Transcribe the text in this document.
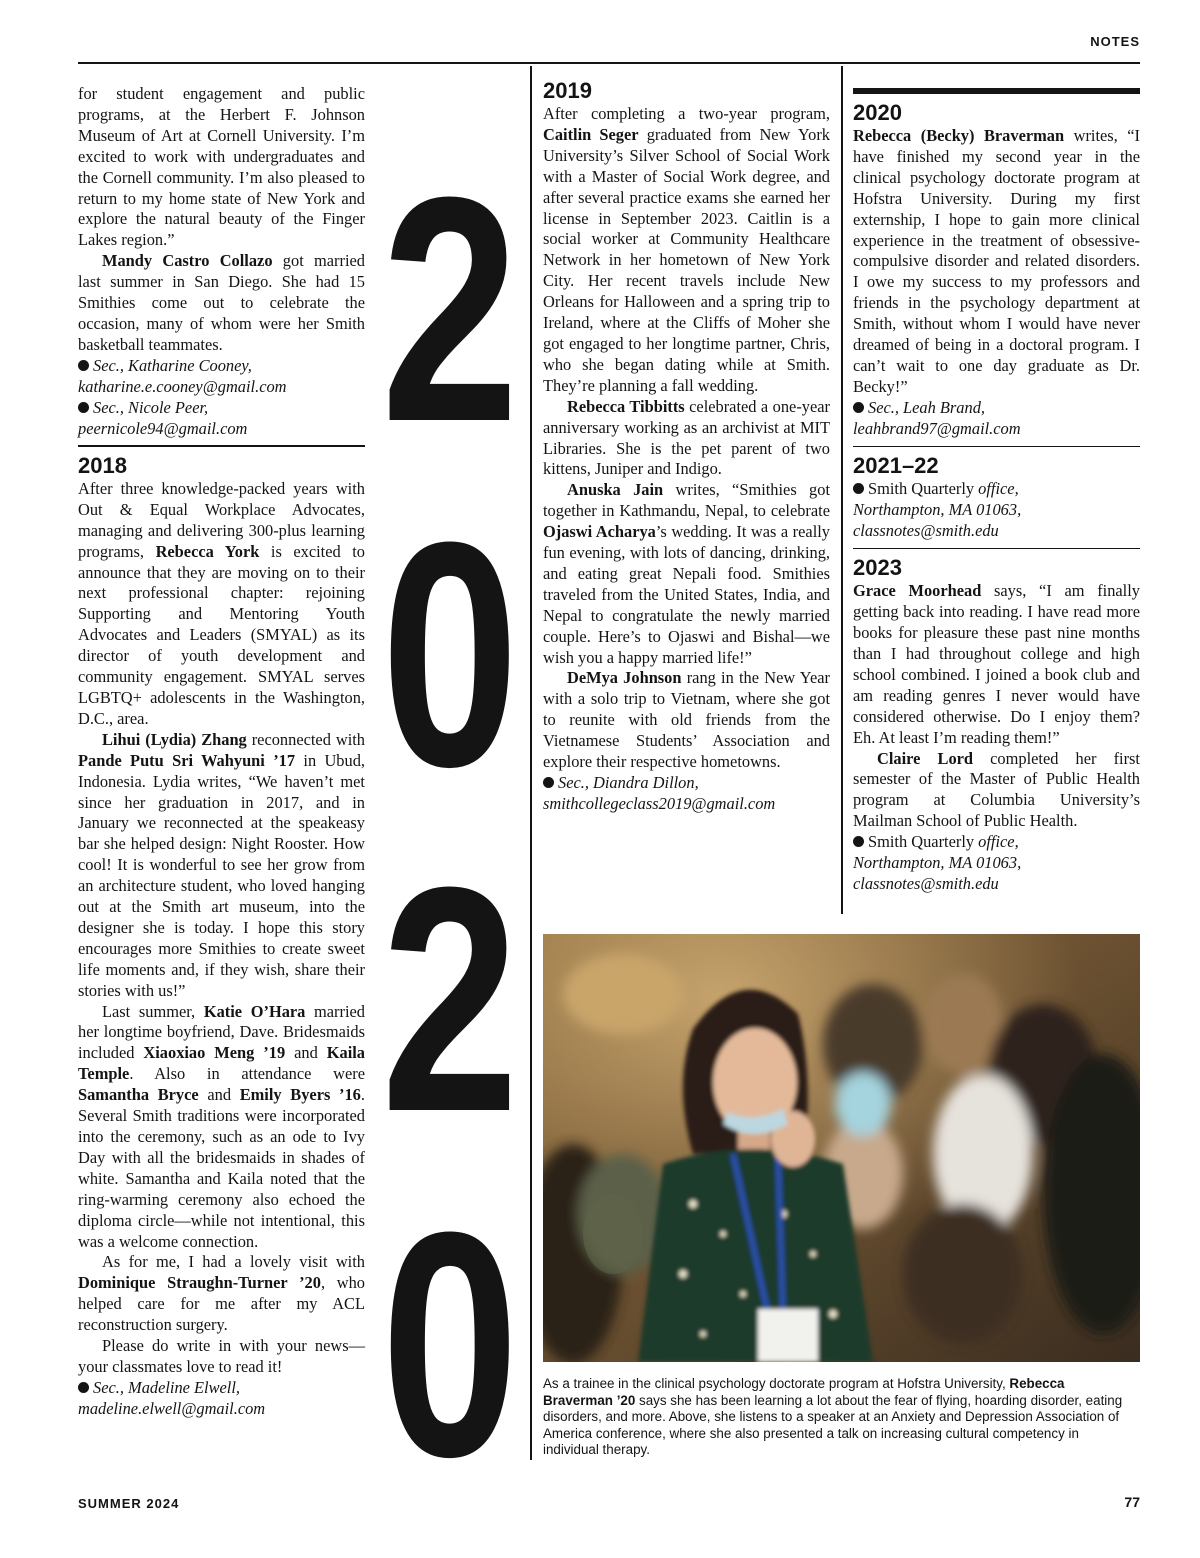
NOTES

for student engagement and public programs, at the Herbert F. Johnson Museum of Art at Cornell University. I’m excited to work with undergraduates and the Cornell community. I’m also pleased to return to my home state of New York and explore the natural beauty of the Finger Lakes region.”

Mandy Castro Collazo got married last summer in San Diego. She had 15 Smithies come out to celebrate the occasion, many of whom were her Smith basketball teammates.

Sec., Katharine Cooney,
katharine.e.cooney@gmail.com
Sec., Nicole Peer,
peernicole94@gmail.com
2018

After three knowledge-packed years with Out & Equal Workplace Advocates, managing and delivering 300-plus learning programs, Rebecca York is excited to announce that they are moving on to their next professional chapter: rejoining Supporting and Mentoring Youth Advocates and Leaders (SMYAL) as its director of youth development and community engagement. SMYAL serves LGBTQ+ adolescents in the Washington, D.C., area.

Lihui (Lydia) Zhang reconnected with Pande Putu Sri Wahyuni ’17 in Ubud, Indonesia. Lydia writes, “We haven’t met since her graduation in 2017, and in January we reconnected at the speakeasy bar she helped design: Night Rooster. How cool! It is wonderful to see her grow from an architecture student, who loved hanging out at the Smith art museum, into the designer she is today. I hope this story encourages more Smithies to create sweet life moments and, if they wish, share their stories with us!”

Last summer, Katie O’Hara married her longtime boyfriend, Dave. Bridesmaids included Xiaoxiao Meng ’19 and Kaila Temple. Also in attendance were Samantha Bryce and Emily Byers ’16. Several Smith traditions were incorporated into the ceremony, such as an ode to Ivy Day with all the bridesmaids in shades of white. Samantha and Kaila noted that the ring-warming ceremony also echoed the diploma circle—while not intentional, this was a welcome connection.

As for me, I had a lovely visit with Dominique Straughn-Turner ’20, who helped care for me after my ACL reconstruction surgery.

Please do write in with your news—your classmates love to read it!

Sec., Madeline Elwell,
madeline.elwell@gmail.com
2
0
2
0
2019

After completing a two-year program, Caitlin Seger graduated from New York University’s Silver School of Social Work with a Master of Social Work degree, and after several practice exams she earned her license in September 2023. Caitlin is a social worker at Community Healthcare Network in her hometown of New York City. Her recent travels include New Orleans for Halloween and a spring trip to Ireland, where at the Cliffs of Moher she got engaged to her longtime partner, Chris, who she began dating while at Smith. They’re planning a fall wedding.

Rebecca Tibbitts celebrated a one-year anniversary working as an archivist at MIT Libraries. She is the pet parent of two kittens, Juniper and Indigo.

Anuska Jain writes, “Smithies got together in Kathmandu, Nepal, to celebrate Ojaswi Acharya’s wedding. It was a really fun evening, with lots of dancing, drinking, and eating great Nepali food. Smithies traveled from the United States, India, and Nepal to congratulate the newly married couple. Here’s to Ojaswi and Bishal—we wish you a happy married life!”

DeMya Johnson rang in the New Year with a solo trip to Vietnam, where she got to reunite with old friends from the Vietnamese Students’ Association and explore their respective hometowns.

Sec., Diandra Dillon,
smithcollegeclass2019@gmail.com
2020

Rebecca (Becky) Braverman writes, “I have finished my second year in the clinical psychology doctorate program at Hofstra University. During my first externship, I hope to gain more clinical experience in the treatment of obsessive-compulsive disorder and related disorders. I owe my success to my professors and friends in the psychology department at Smith, without whom I would have never dreamed of being in a doctoral program. I can’t wait to one day graduate as Dr. Becky!”

Sec., Leah Brand,
leahbrand97@gmail.com
2021–22
Smith Quarterly office,
Northampton, MA 01063,
classnotes@smith.edu
2023

Grace Moorhead says, “I am finally getting back into reading. I have read more books for pleasure these past nine months than I had throughout college and high school combined. I joined a book club and am reading genres I never would have considered otherwise. Do I enjoy them? Eh. At least I’m reading them!”

Claire Lord completed her first semester of the Master of Public Health program at Columbia University’s Mailman School of Public Health.

Smith Quarterly office,
Northampton, MA 01063,
classnotes@smith.edu
As a trainee in the clinical psychology doctorate program at Hofstra University, Rebecca Braverman ’20 says she has been learning a lot about the fear of flying, hoarding disorder, eating disorders, and more. Above, she listens to a speaker at an Anxiety and Depression Association of America conference, where she also presented a talk on increasing cultural competency in individual therapy.
SUMMER 2024	77
